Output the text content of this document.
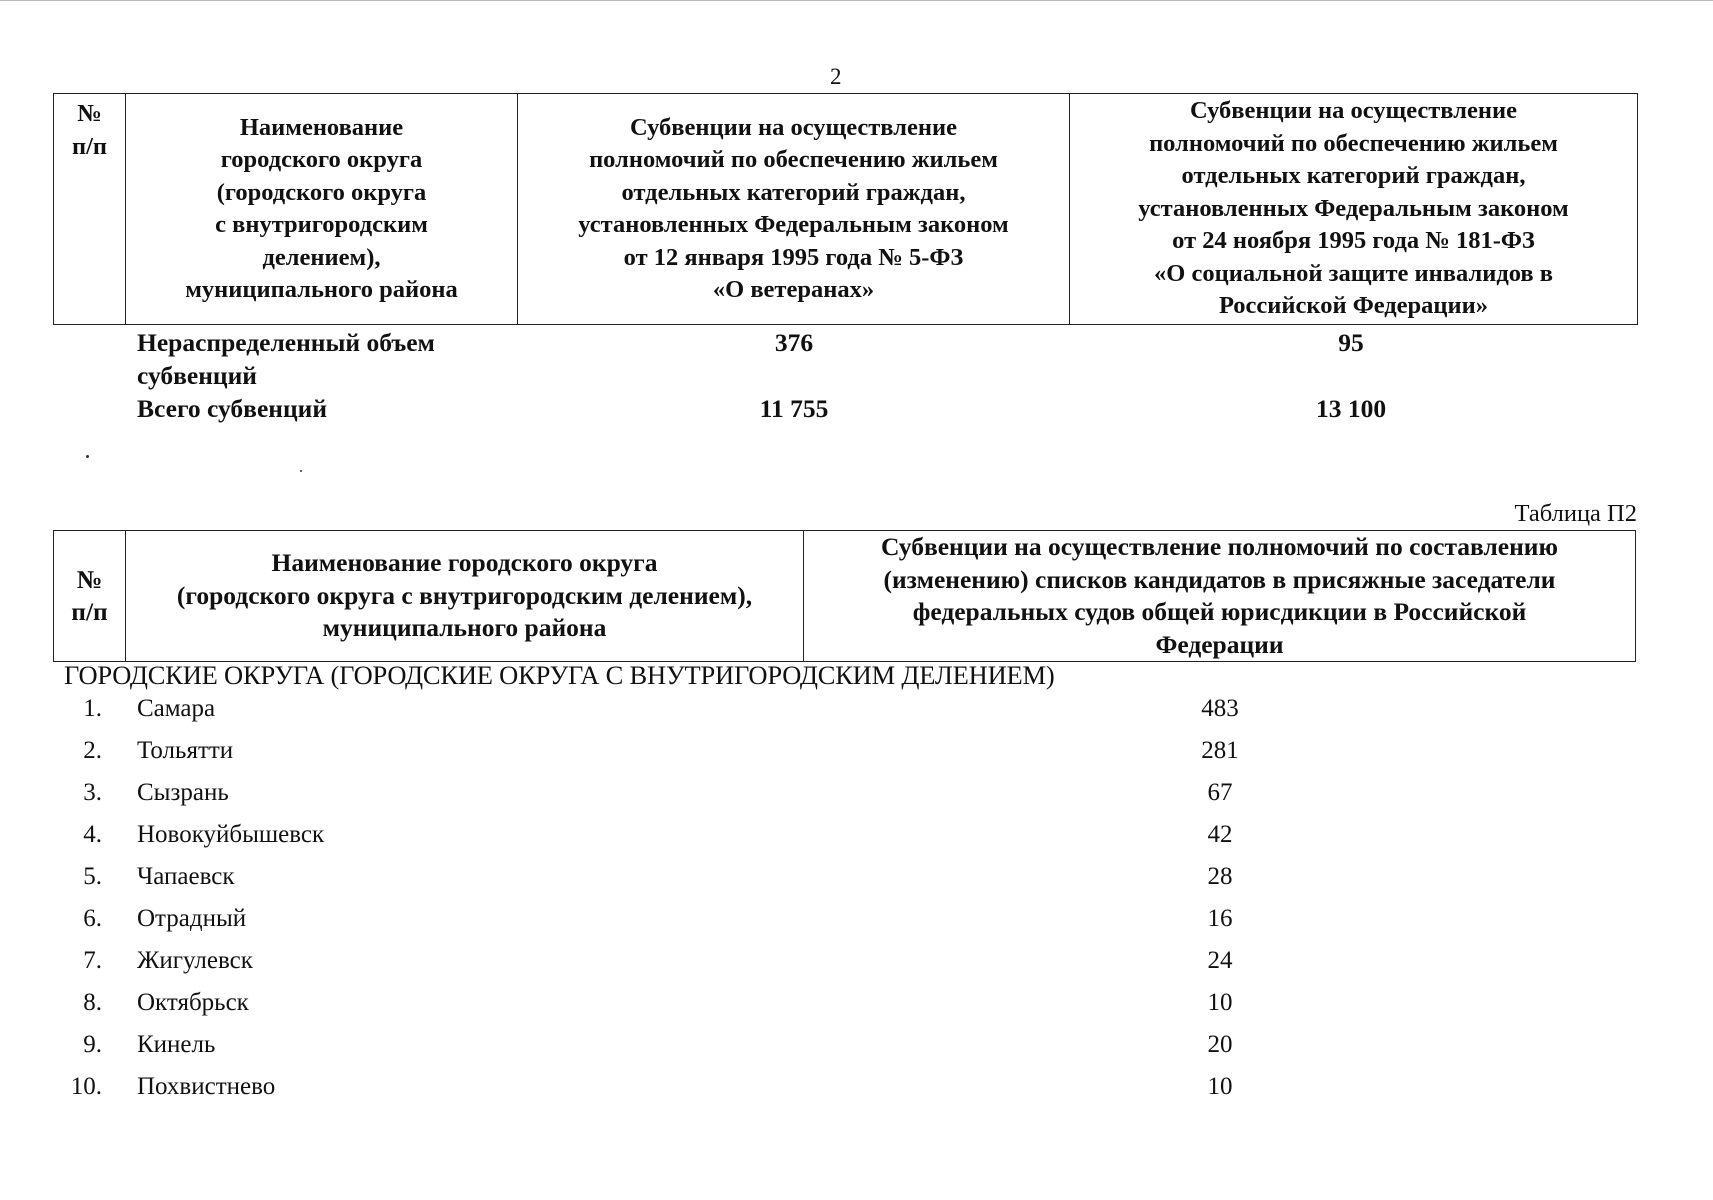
2
№
п/п

Наименование
городского округа
(городского округа
с внутригородским
делением),
муниципального района

Субвенции на осуществление
полномочий по обеспечению жильем
отдельных категорий граждан,
установленных Федеральным законом
от 12 января 1995 года № 5-ФЗ
«О ветеранах»

Субвенции на осуществление
полномочий по обеспечению жильем
отдельных категорий граждан,
установленных Федеральным законом
от 24 ноября 1995 года № 181-ФЗ
«О социальной защите инвалидов в
Российской Федерации»
Нераспределенный объем
субвенций
376	95
Всего субвенций	11 755	13 100
Таблица П2
№
п/п

Наименование городского округа
(городского округа с внутригородским делением),
муниципального района

Субвенции на осуществление полномочий по составлению
(изменению) списков кандидатов в присяжные заседатели
федеральных судов общей юрисдикции в Российской
Федерации
ГОРОДСКИЕ ОКРУГА (ГОРОДСКИЕ ОКРУГА С ВНУТРИГОРОДСКИМ ДЕЛЕНИЕМ)
1. Самара	483
2. Тольятти	281
3. Сызрань	67
4. Новокуйбышевск	42
5. Чапаевск	28
6. Отрадный	16
7. Жигулевск	24
8. Октябрьск	10
9. Кинель	20
10. Похвистнево	10
